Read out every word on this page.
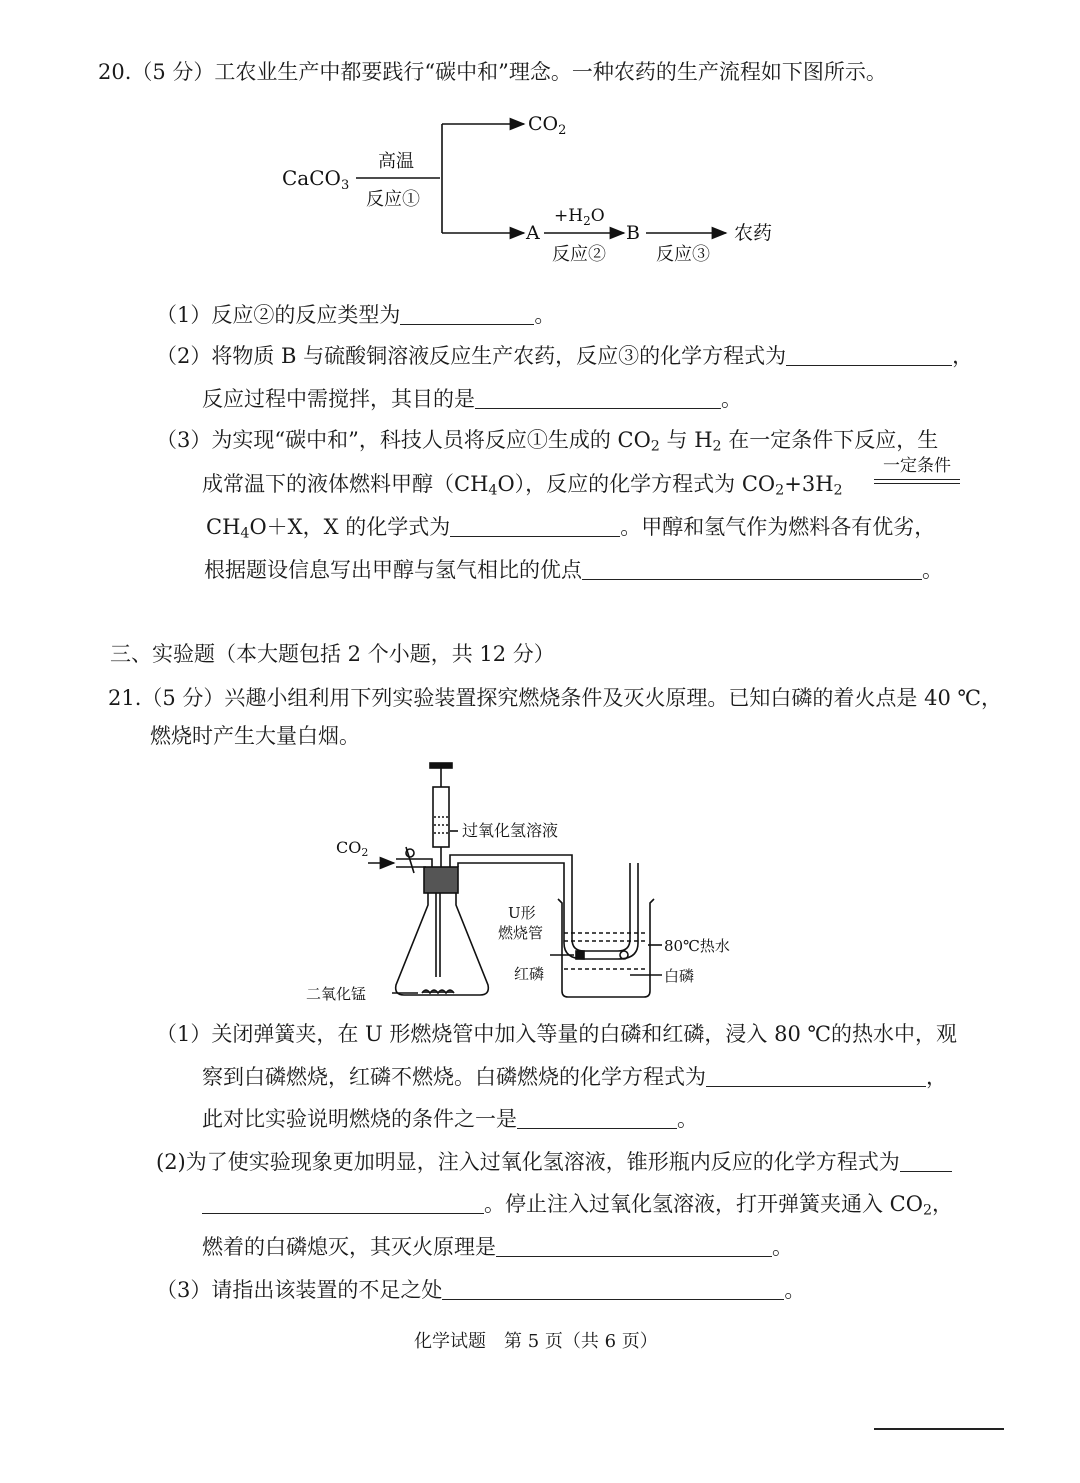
20.（5 分）工农业生产中都要践行“碳中和”理念。一种农药的生产流程如下图所示。
CaCO$_3$
高温
反应①
$CO_2$
A
$+H_2O$
反应②
B
反应③
农药
（1）反应②的反应类型为	。
（2）将物质 B 与硫酸铜溶液反应生产农药，反应③的化学方程式为	，
反应过程中需搅拌，其目的是	。
（3）为实现“碳中和”，科技人员将反应①生成的 $CO_2$ 与 $H_2$ 在一定条件下反应，生
成常温下的液体燃料甲醇$(CH_4O)$，反应的化学方程式为 $CO_2+3H_2$
一定条件
$CH_4O+X$，X 的化学式为	。甲醇和氢气作为燃料各有优劣，
根据题设信息写出甲醇与氢气相比的优点	。
三、实验题（本大题包括 2 个小题，共 12 分）
21.（5 分）兴趣小组利用下列实验装置探究燃烧条件及灭火原理。已知白磷的着火点是 40 ℃，
燃烧时产生大量白烟。
CO2
过氧化氢溶液
U形
燃烧管
80℃热水
红磷	白磷
二氧化锰
（1）关闭弹簧夹，在 U 形燃烧管中加入等量的白磷和红磷，浸入 80 ℃的热水中，观
察到白磷燃烧，红磷不燃烧。白磷燃烧的化学方程式为	，
此对比实验说明燃烧的条件之一是	。
(2)为了使实验现象更加明显，注入过氧化氢溶液，锥形瓶内反应的化学方程式为
。停止注入过氧化氢溶液，打开弹簧夹通入 $CO_2$，
燃着的白磷熄灭，其灭火原理是	。
（3）请指出该装置的不足之处	。
化学试题　第 5 页（共 6 页）
